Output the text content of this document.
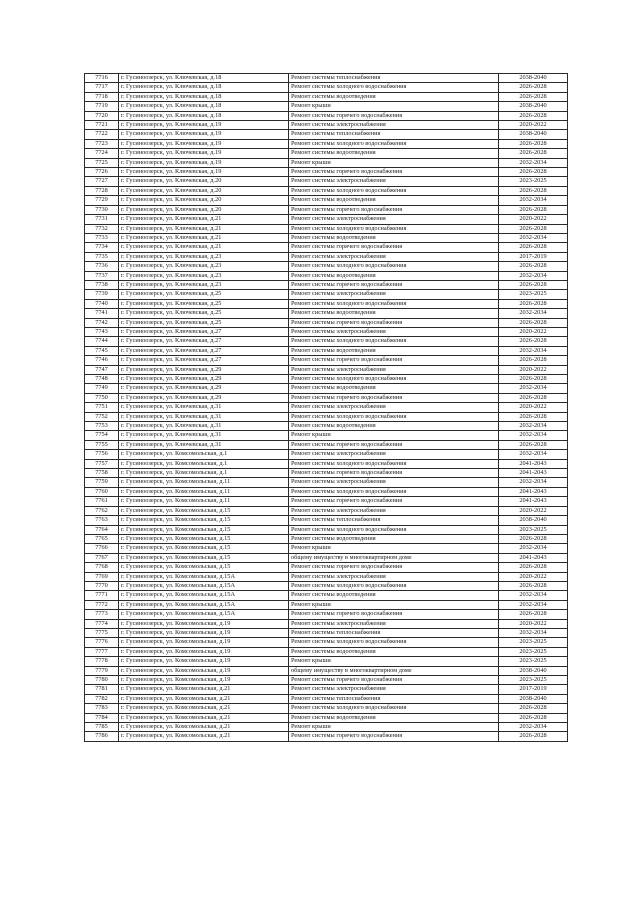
7716	г. Гусиноозерск, ул. Ключевская, д.18	Ремонт системы теплоснабжения	2038-2040
7717	г. Гусиноозерск, ул. Ключевская, д.18	Ремонт системы холодного водоснабжения	2026-2028
7718	г. Гусиноозерск, ул. Ключевская, д.18	Ремонт системы водоотведения	2026-2028
7719	г. Гусиноозерск, ул. Ключевская, д.18	Ремонт крыши	2038-2040
7720	г. Гусиноозерск, ул. Ключевская, д.18	Ремонт системы горячего водоснабжения	2026-2028
7721	г. Гусиноозерск, ул. Ключевская, д.19	Ремонт системы электроснабжения	2020-2022
7722	г. Гусиноозерск, ул. Ключевская, д.19	Ремонт системы теплоснабжения	2038-2040
7723	г. Гусиноозерск, ул. Ключевская, д.19	Ремонт системы холодного водоснабжения	2026-2028
7724	г. Гусиноозерск, ул. Ключевская, д.19	Ремонт системы водоотведения	2026-2028
7725	г. Гусиноозерск, ул. Ключевская, д.19	Ремонт крыши	2032-2034
7726	г. Гусиноозерск, ул. Ключевская, д.19	Ремонт системы горячего водоснабжения	2026-2028
7727	г. Гусиноозерск, ул. Ключевская, д.20	Ремонт системы электроснабжения	2023-2025
7728	г. Гусиноозерск, ул. Ключевская, д.20	Ремонт системы холодного водоснабжения	2026-2028
7729	г. Гусиноозерск, ул. Ключевская, д.20	Ремонт системы водоотведения	2032-2034
7730	г. Гусиноозерск, ул. Ключевская, д.20	Ремонт системы горячего водоснабжения	2026-2028
7731	г. Гусиноозерск, ул. Ключевская, д.21	Ремонт системы электроснабжения	2020-2022
7732	г. Гусиноозерск, ул. Ключевская, д.21	Ремонт системы холодного водоснабжения	2026-2028
7733	г. Гусиноозерск, ул. Ключевская, д.21	Ремонт системы водоотведения	2032-2034
7734	г. Гусиноозерск, ул. Ключевская, д.21	Ремонт системы горячего водоснабжения	2026-2028
7735	г. Гусиноозерск, ул. Ключевская, д.23	Ремонт системы электроснабжения	2017-2019
7736	г. Гусиноозерск, ул. Ключевская, д.23	Ремонт системы холодного водоснабжения	2026-2028
7737	г. Гусиноозерск, ул. Ключевская, д.23	Ремонт системы водоотведения	2032-2034
7738	г. Гусиноозерск, ул. Ключевская, д.23	Ремонт системы горячего водоснабжения	2026-2028
7739	г. Гусиноозерск, ул. Ключевская, д.25	Ремонт системы электроснабжения	2023-2025
7740	г. Гусиноозерск, ул. Ключевская, д.25	Ремонт системы холодного водоснабжения	2026-2028
7741	г. Гусиноозерск, ул. Ключевская, д.25	Ремонт системы водоотведения	2032-2034
7742	г. Гусиноозерск, ул. Ключевская, д.25	Ремонт системы горячего водоснабжения	2026-2028
7743	г. Гусиноозерск, ул. Ключевская, д.27	Ремонт системы электроснабжения	2020-2022
7744	г. Гусиноозерск, ул. Ключевская, д.27	Ремонт системы холодного водоснабжения	2026-2028
7745	г. Гусиноозерск, ул. Ключевская, д.27	Ремонт системы водоотведения	2032-2034
7746	г. Гусиноозерск, ул. Ключевская, д.27	Ремонт системы горячего водоснабжения	2026-2028
7747	г. Гусиноозерск, ул. Ключевская, д.29	Ремонт системы электроснабжения	2020-2022
7748	г. Гусиноозерск, ул. Ключевская, д.29	Ремонт системы холодного водоснабжения	2026-2028
7749	г. Гусиноозерск, ул. Ключевская, д.29	Ремонт системы водоотведения	2032-2034
7750	г. Гусиноозерск, ул. Ключевская, д.29	Ремонт системы горячего водоснабжения	2026-2028
7751	г. Гусиноозерск, ул. Ключевская, д.31	Ремонт системы электроснабжения	2020-2022
7752	г. Гусиноозерск, ул. Ключевская, д.31	Ремонт системы холодного водоснабжения	2026-2028
7753	г. Гусиноозерск, ул. Ключевская, д.31	Ремонт системы водоотведения	2032-2034
7754	г. Гусиноозерск, ул. Ключевская, д.31	Ремонт крыши	2032-2034
7755	г. Гусиноозерск, ул. Ключевская, д.31	Ремонт системы горячего водоснабжения	2026-2028
7756	г. Гусиноозерск, ул. Комсомольская, д.1	Ремонт системы электроснабжения	2032-2034
7757	г. Гусиноозерск, ул. Комсомольская, д.1	Ремонт системы холодного водоснабжения	2041-2043
7758	г. Гусиноозерск, ул. Комсомольская, д.1	Ремонт системы горячего водоснабжения	2041-2043
7759	г. Гусиноозерск, ул. Комсомольская, д.11	Ремонт системы электроснабжения	2032-2034
7760	г. Гусиноозерск, ул. Комсомольская, д.11	Ремонт системы холодного водоснабжения	2041-2043
7761	г. Гусиноозерск, ул. Комсомольская, д.11	Ремонт системы горячего водоснабжения	2041-2043
7762	г. Гусиноозерск, ул. Комсомольская, д.15	Ремонт системы электроснабжения	2020-2022
7763	г. Гусиноозерск, ул. Комсомольская, д.15	Ремонт системы теплоснабжения	2038-2040
7764	г. Гусиноозерск, ул. Комсомольская, д.15	Ремонт системы холодного водоснабжения	2023-2025
7765	г. Гусиноозерск, ул. Комсомольская, д.15	Ремонт системы водоотведения	2026-2028
7766	г. Гусиноозерск, ул. Комсомольская, д.15	Ремонт крыши	2032-2034
7767	г. Гусиноозерск, ул. Комсомольская, д.15	общему имуществу в многоквартирном доме	2041-2043
7768	г. Гусиноозерск, ул. Комсомольская, д.15	Ремонт системы горячего водоснабжения	2026-2028
7769	г. Гусиноозерск, ул. Комсомольская, д.15А	Ремонт системы электроснабжения	2020-2022
7770	г. Гусиноозерск, ул. Комсомольская, д.15А	Ремонт системы холодного водоснабжения	2026-2028
7771	г. Гусиноозерск, ул. Комсомольская, д.15А	Ремонт системы водоотведения	2032-2034
7772	г. Гусиноозерск, ул. Комсомольская, д.15А	Ремонт крыши	2032-2034
7773	г. Гусиноозерск, ул. Комсомольская, д.15А	Ремонт системы горячего водоснабжения	2026-2028
7774	г. Гусиноозерск, ул. Комсомольская, д.19	Ремонт системы электроснабжения	2020-2022
7775	г. Гусиноозерск, ул. Комсомольская, д.19	Ремонт системы теплоснабжения	2032-2034
7776	г. Гусиноозерск, ул. Комсомольская, д.19	Ремонт системы холодного водоснабжения	2023-2025
7777	г. Гусиноозерск, ул. Комсомольская, д.19	Ремонт системы водоотведения	2023-2025
7778	г. Гусиноозерск, ул. Комсомольская, д.19	Ремонт крыши	2023-2025
7779	г. Гусиноозерск, ул. Комсомольская, д.19	общему имуществу в многоквартирном доме	2038-2040
7780	г. Гусиноозерск, ул. Комсомольская, д.19	Ремонт системы горячего водоснабжения	2023-2025
7781	г. Гусиноозерск, ул. Комсомольская, д.21	Ремонт системы электроснабжения	2017-2019
7782	г. Гусиноозерск, ул. Комсомольская, д.21	Ремонт системы теплоснабжения	2038-2040
7783	г. Гусиноозерск, ул. Комсомольская, д.21	Ремонт системы холодного водоснабжения	2026-2028
7784	г. Гусиноозерск, ул. Комсомольская, д.21	Ремонт системы водоотведения	2026-2028
7785	г. Гусиноозерск, ул. Комсомольская, д.21	Ремонт крыши	2032-2034
7786	г. Гусиноозерск, ул. Комсомольская, д.21	Ремонт системы горячего водоснабжения	2026-2028
